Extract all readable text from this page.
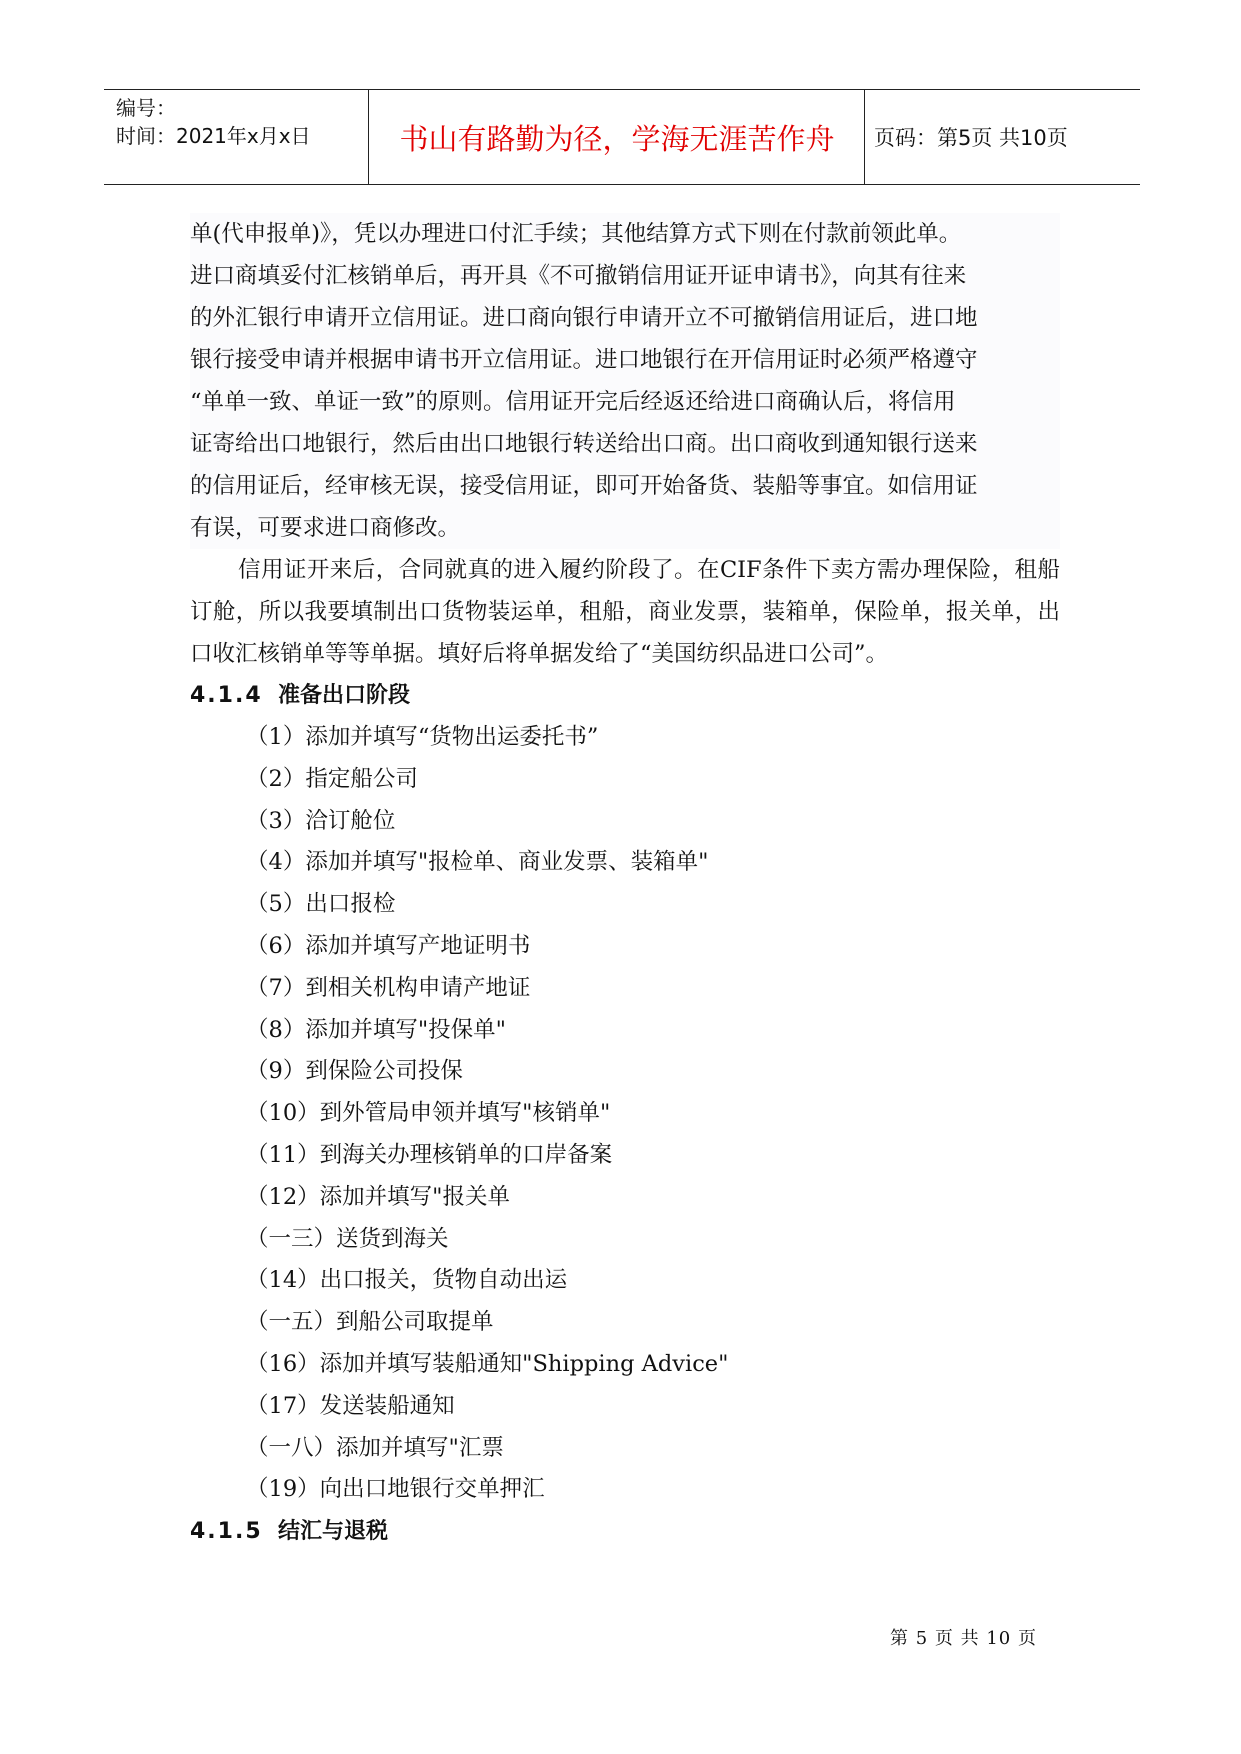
编号：
时间：2021年x月x日	书山有路勤为径，学海无涯苦作舟	页码：第5页 共10页

单(代申报单)》，凭以办理进口付汇手续；其他结算方式下则在付款前领此单。

进口商填妥付汇核销单后，再开具《不可撤销信用证开证申请书》，向其有往来

的外汇银行申请开立信用证。进口商向银行申请开立不可撤销信用证后，进口地

银行接受申请并根据申请书开立信用证。进口地银行在开信用证时必须严格遵守

“单单一致、单证一致”的原则。信用证开完后经返还给进口商确认后，将信用

证寄给出口地银行，然后由出口地银行转送给出口商。出口商收到通知银行送来

的信用证后，经审核无误，接受信用证，即可开始备货、装船等事宜。如信用证

有误，可要求进口商修改。

信用证开来后，合同就真的进入履约阶段了。在CIF条件下卖方需办理保险，租船订舱，所以我要填制出口货物装运单，租船，商业发票，装箱单，保险单，报关单，出口收汇核销单等等单据。填好后将单据发给了“美国纺织品进口公司”。

4.1.4 准备出口阶段

（1）添加并填写“货物出运委托书”

（2）指定船公司

（3）洽订舱位

（4）添加并填写"报检单、商业发票、装箱单"

（5）出口报检

（6）添加并填写产地证明书

（7）到相关机构申请产地证

（8）添加并填写"投保单"

（9）到保险公司投保

（10）到外管局申领并填写"核销单"

（11）到海关办理核销单的口岸备案

（12）添加并填写"报关单

（一三）送货到海关

（14）出口报关，货物自动出运

（一五）到船公司取提单

（16）添加并填写装船通知"Shipping Advice"

（17）发送装船通知

（一八）添加并填写"汇票

（19）向出口地银行交单押汇

4.1.5 结汇与退税
第 5 页 共 10 页
